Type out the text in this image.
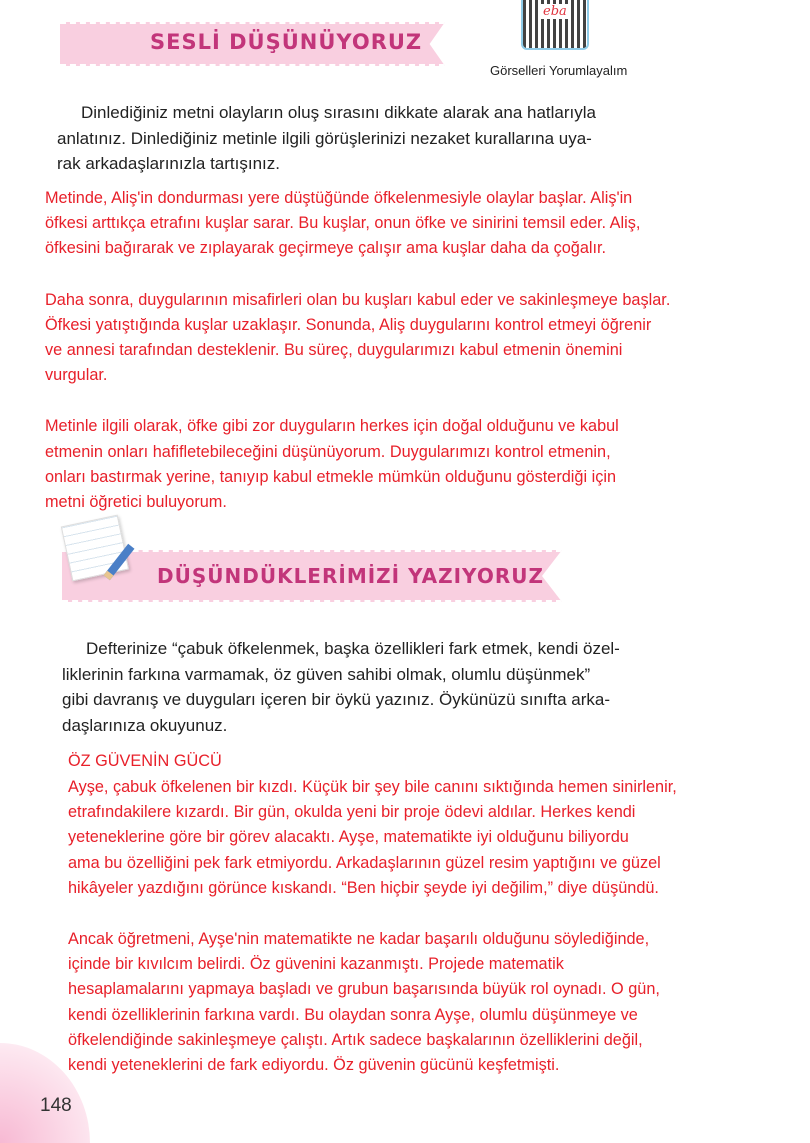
SESLİ DÜŞÜNÜYORUZ
eba
Görselleri Yorumlayalım
Dinlediğiniz metni olayların oluş sırasını dikkate alarak ana hatlarıyla
anlatınız. Dinlediğiniz metinle ilgili görüşlerinizi nezaket kurallarına uya-
rak arkadaşlarınızla tartışınız.
Metinde, Aliş'in dondurması yere düştüğünde öfkelenmesiyle olaylar başlar. Aliş'in
öfkesi arttıkça etrafını kuşlar sarar. Bu kuşlar, onun öfke ve sinirini temsil eder. Aliş,
öfkesini bağırarak ve zıplayarak geçirmeye çalışır ama kuşlar daha da çoğalır.
Daha sonra, duygularının misafirleri olan bu kuşları kabul eder ve sakinleşmeye başlar.
Öfkesi yatıştığında kuşlar uzaklaşır. Sonunda, Aliş duygularını kontrol etmeyi öğrenir
ve annesi tarafından desteklenir. Bu süreç, duygularımızı kabul etmenin önemini
vurgular.
Metinle ilgili olarak, öfke gibi zor duyguların herkes için doğal olduğunu ve kabul
etmenin onları hafifletebileceğini düşünüyorum. Duygularımızı kontrol etmenin,
onları bastırmak yerine, tanıyıp kabul etmekle mümkün olduğunu gösterdiği için
metni öğretici buluyorum.
DÜŞÜNDÜKLERİMİZİ YAZIYORUZ
Defterinize “çabuk öfkelenmek, başka özellikleri fark etmek, kendi özel-
liklerinin farkına varmamak, öz güven sahibi olmak, olumlu düşünmek”
gibi davranış ve duyguları içeren bir öykü yazınız. Öykünüzü sınıfta arka-
daşlarınıza okuyunuz.
ÖZ GÜVENİN GÜCÜ
Ayşe, çabuk öfkelenen bir kızdı. Küçük bir şey bile canını sıktığında hemen sinirlenir,
etrafındakilere kızardı. Bir gün, okulda yeni bir proje ödevi aldılar. Herkes kendi
yeteneklerine göre bir görev alacaktı. Ayşe, matematikte iyi olduğunu biliyordu
ama bu özelliğini pek fark etmiyordu. Arkadaşlarının güzel resim yaptığını ve güzel
hikâyeler yazdığını görünce kıskandı. “Ben hiçbir şeyde iyi değilim,” diye düşündü.
Ancak öğretmeni, Ayşe'nin matematikte ne kadar başarılı olduğunu söylediğinde,
içinde bir kıvılcım belirdi. Öz güvenini kazanmıştı. Projede matematik
hesaplamalarını yapmaya başladı ve grubun başarısında büyük rol oynadı. O gün,
kendi özelliklerinin farkına vardı. Bu olaydan sonra Ayşe, olumlu düşünmeye ve
öfkelendiğinde sakinleşmeye çalıştı. Artık sadece başkalarının özelliklerini değil,
kendi yeteneklerini de fark ediyordu. Öz güvenin gücünü keşfetmişti.
148
